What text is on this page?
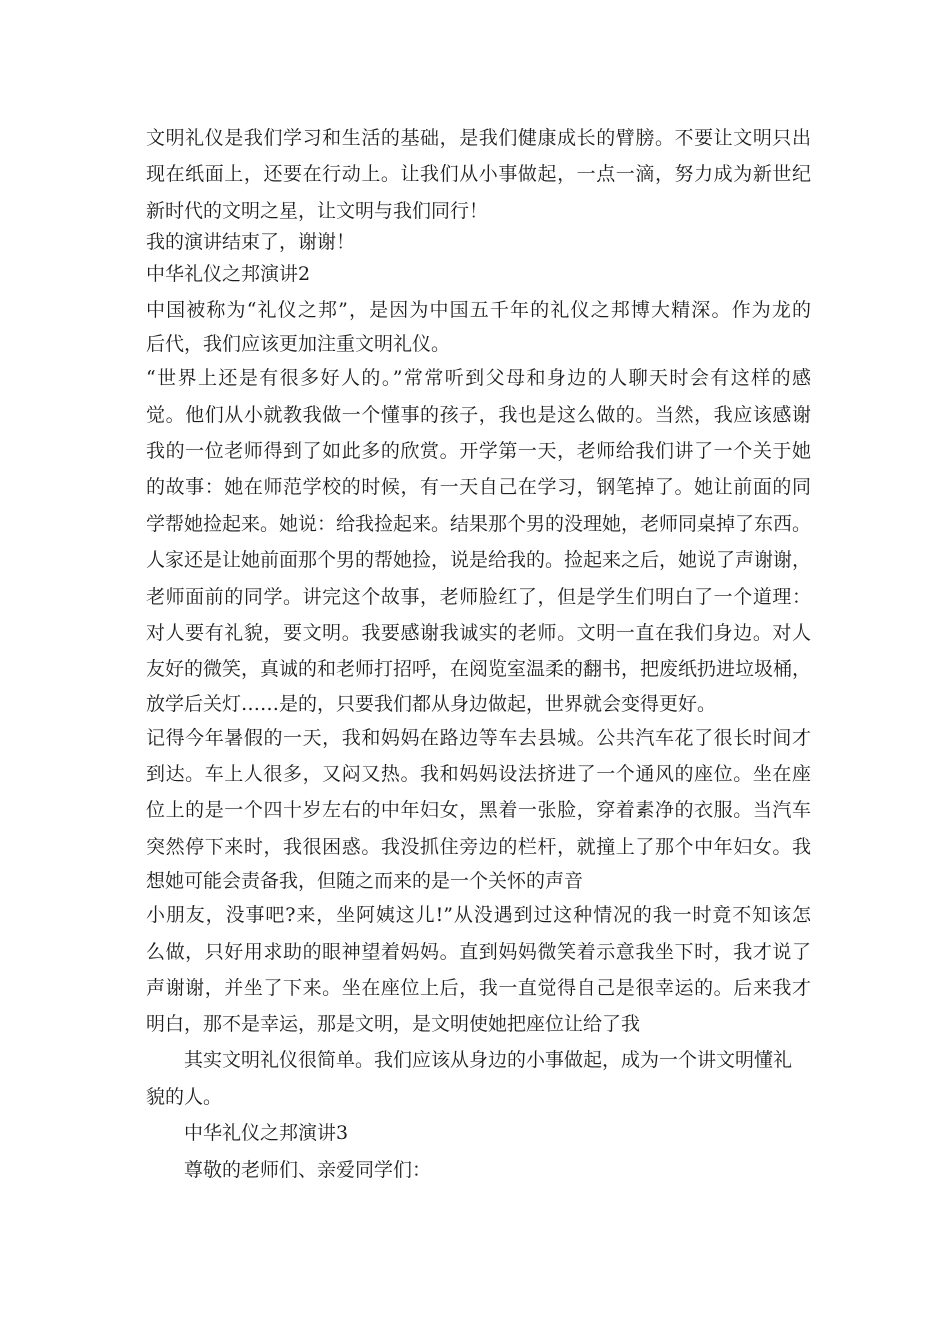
文明礼仪是我们学习和生活的基础，是我们健康成长的臂膀。不要让文明只出
现在纸面上，还要在行动上。让我们从小事做起，一点一滴，努力成为新世纪
新时代的文明之星，让文明与我们同行！
我的演讲结束了，谢谢！
中华礼仪之邦演讲2
中国被称为“礼仪之邦”，是因为中国五千年的礼仪之邦博大精深。作为龙的
后代，我们应该更加注重文明礼仪。
“世界上还是有很多好人的。”常常听到父母和身边的人聊天时会有这样的感
觉。他们从小就教我做一个懂事的孩子，我也是这么做的。当然，我应该感谢
我的一位老师得到了如此多的欣赏。开学第一天，老师给我们讲了一个关于她
的故事：她在师范学校的时候，有一天自己在学习，钢笔掉了。她让前面的同
学帮她捡起来。她说：给我捡起来。结果那个男的没理她，老师同桌掉了东西。
人家还是让她前面那个男的帮她捡，说是给我的。捡起来之后，她说了声谢谢，
老师面前的同学。讲完这个故事，老师脸红了，但是学生们明白了一个道理：
对人要有礼貌，要文明。我要感谢我诚实的老师。文明一直在我们身边。对人
友好的微笑，真诚的和老师打招呼，在阅览室温柔的翻书，把废纸扔进垃圾桶，
放学后关灯……是的，只要我们都从身边做起，世界就会变得更好。
记得今年暑假的一天，我和妈妈在路边等车去县城。公共汽车花了很长时间才
到达。车上人很多，又闷又热。我和妈妈设法挤进了一个通风的座位。坐在座
位上的是一个四十岁左右的中年妇女，黑着一张脸，穿着素净的衣服。当汽车
突然停下来时，我很困惑。我没抓住旁边的栏杆，就撞上了那个中年妇女。我
想她可能会责备我，但随之而来的是一个关怀的声音
小朋友，没事吧?来，坐阿姨这儿!”从没遇到过这种情况的我一时竟不知该怎
么做，只好用求助的眼神望着妈妈。直到妈妈微笑着示意我坐下时，我才说了
声谢谢，并坐了下来。坐在座位上后，我一直觉得自己是很幸运的。后来我才
明白，那不是幸运，那是文明，是文明使她把座位让给了我
其实文明礼仪很简单。我们应该从身边的小事做起，成为一个讲文明懂礼
貌的人。
中华礼仪之邦演讲3
尊敬的老师们、亲爱同学们：
